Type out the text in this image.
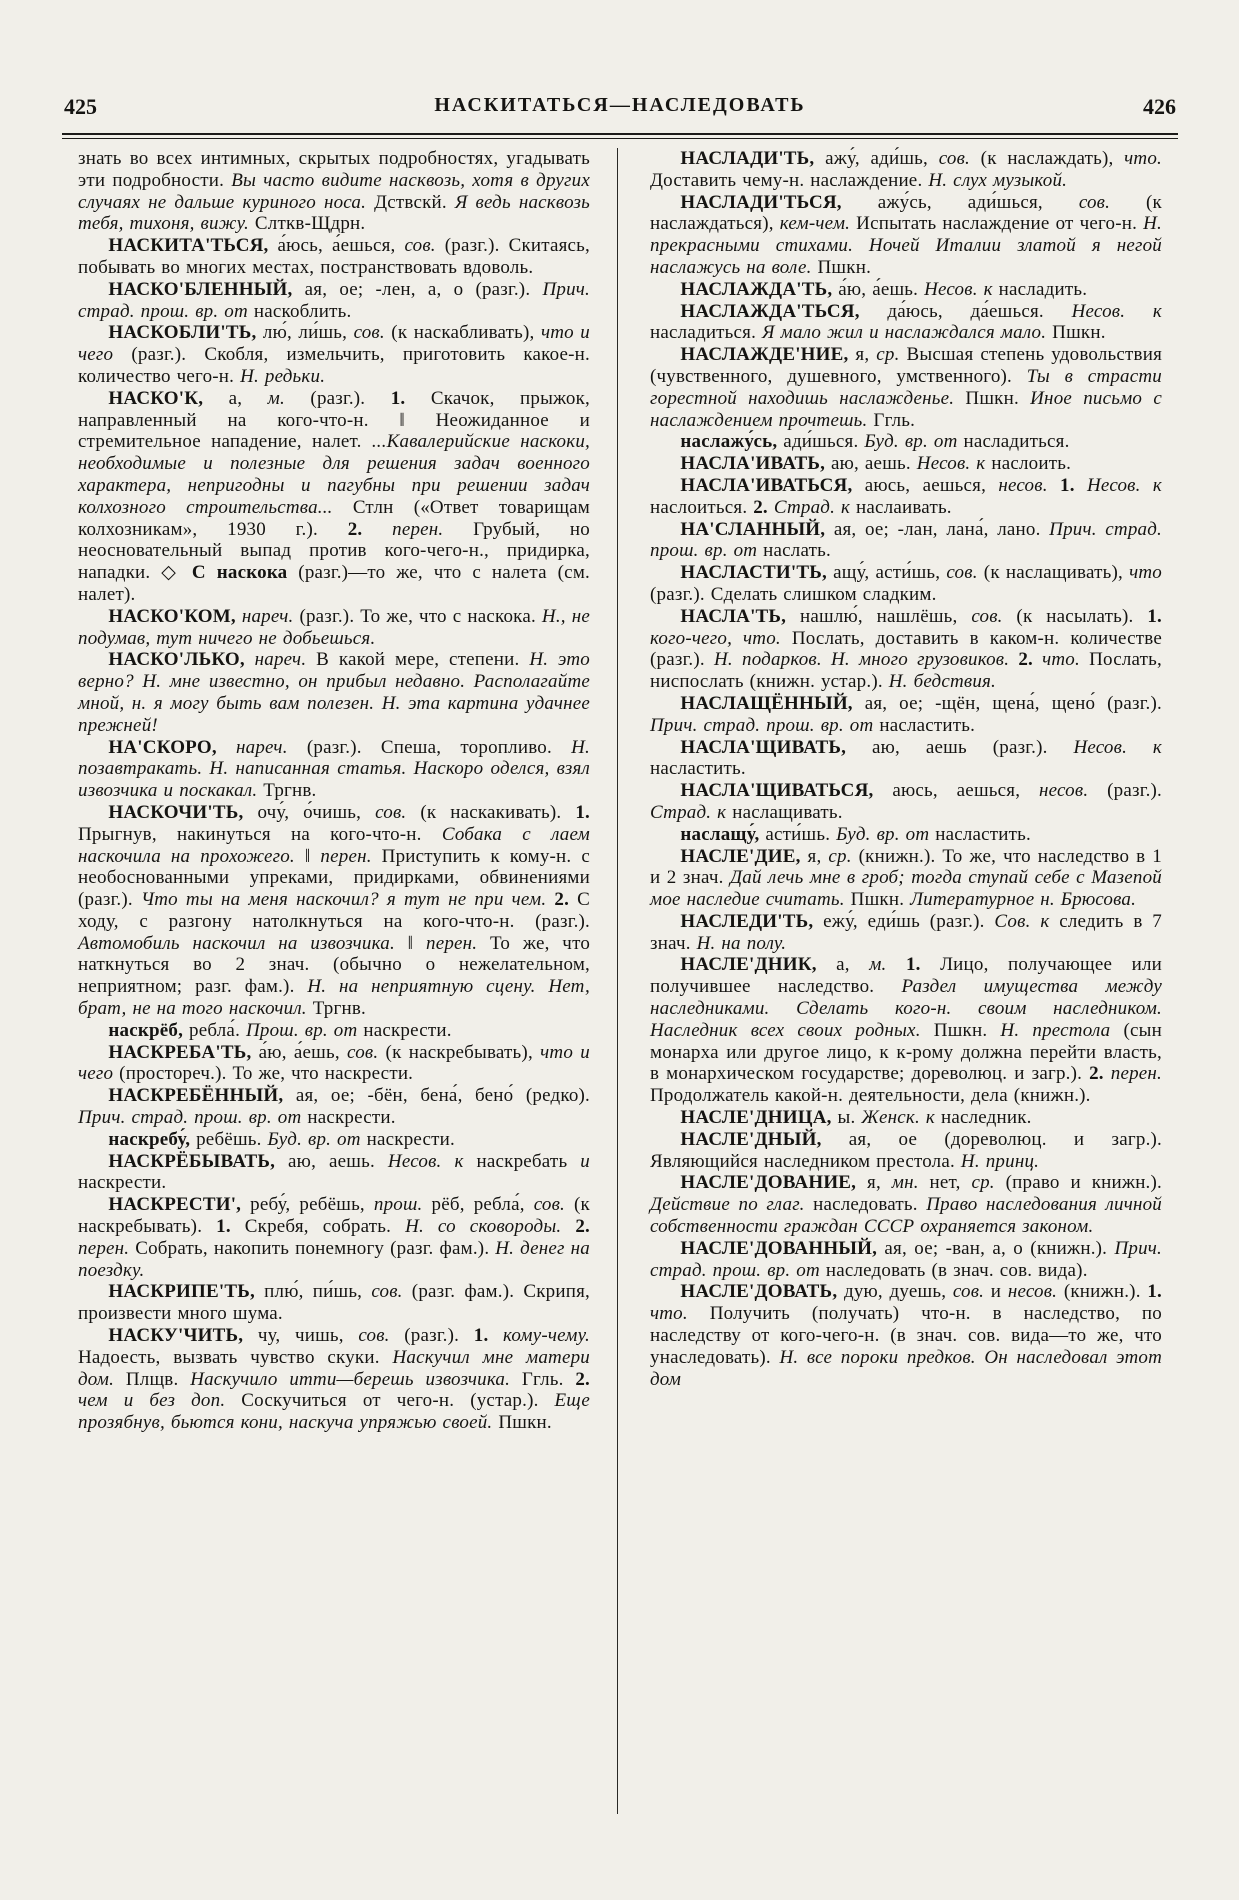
425	НАСКИТАТЬСЯ—НАСЛЕДОВАТЬ	426

знать во всех интимных, скрытых подробностях, угадывать эти подробности. Вы часто видите насквозь, хотя в других случаях не дальше куриного носа. Дствскй. Я ведь насквозь тебя, тихоня, вижу. Слткв-Щдрн.

НАСКИТА'ТЬСЯ, а́юсь, а́ешься, сов. (разг.). Скитаясь, побывать во многих местах, постранствовать вдоволь.

НАСКО'БЛЕННЫЙ, ая, ое; -лен, а, о (разг.). Прич. страд. прош. вр. от наскоблить.

НАСКОБЛИ'ТЬ, лю́, ли́шь, сов. (к наскабливать), что и чего (разг.). Скобля, измельчить, приготовить какое-н. количество чего-н. Н. редьки.

НАСКО'К, а, м. (разг.). 1. Скачок, прыжок, направленный на кого-что-н. ‖ Неожиданное и стремительное нападение, налет. ...Кавалерийские наскоки, необходимые и полезные для решения задач военного характера, непригодны и пагубны при решении задач колхозного строительства... Стлн («Ответ товарищам колхозникам», 1930 г.). 2. перен. Грубый, но неосновательный выпад против кого-чего-н., придирка, нападки. ◇ С наскока (разг.)—то же, что с налета (см. налет).

НАСКО'КОМ, нареч. (разг.). То же, что с наскока. Н., не подумав, тут ничего не добьешься.

НАСКО'ЛЬКО, нареч. В какой мере, степени. Н. это верно? Н. мне известно, он прибыл недавно. Располагайте мной, н. я могу быть вам полезен. Н. эта картина удачнее прежней!

НА'СКОРО, нареч. (разг.). Спеша, торопливо. Н. позавтракать. Н. написанная статья. Наскоро оделся, взял извозчика и поскакал. Тргнв.

НАСКОЧИ'ТЬ, очу́, о́чишь, сов. (к наскакивать). 1. Прыгнув, накинуться на кого-что-н. Собака с лаем наскочила на прохожего. ‖ перен. Приступить к кому-н. с необоснованными упреками, придирками, обвинениями (разг.). Что ты на меня наскочил? я тут не при чем. 2. С ходу, с разгону натолкнуться на кого-что-н. (разг.). Автомобиль наскочил на извозчика. ‖ перен. То же, что наткнуться во 2 знач. (обычно о нежелательном, неприятном; разг. фам.). Н. на неприятную сцену. Нет, брат, не на того наскочил. Тргнв.

наскрёб, ребла́. Прош. вр. от наскрести.

НАСКРЕБА'ТЬ, а́ю, а́ешь, сов. (к наскребывать), что и чего (простореч.). То же, что наскрести.

НАСКРЕБЁННЫЙ, ая, ое; -бён, бена́, бено́ (редко). Прич. страд. прош. вр. от наскрести.

наскребу́, ребёшь. Буд. вр. от наскрести.

НАСКРЁБЫВАТЬ, аю, аешь. Несов. к наскребать и наскрести.

НАСКРЕСТИ', ребу́, ребёшь, прош. рёб, ребла́, сов. (к наскребывать). 1. Скребя, собрать. Н. со сковороды. 2. перен. Собрать, накопить понемногу (разг. фам.). Н. денег на поездку.

НАСКРИПЕ'ТЬ, плю́, пи́шь, сов. (разг. фам.). Скрипя, произвести много шума.

НАСКУ'ЧИТЬ, чу, чишь, сов. (разг.). 1. кому-чему. Надоесть, вызвать чувство скуки. Наскучил мне матери дом. Плщв. Наскучило итти—берешь извозчика. Ггль. 2. чем и без доп. Соскучиться от чего-н. (устар.). Еще прозябнув, бьются кони, наскуча упряжью своей. Пшкн.

НАСЛАДИ'ТЬ, ажу́, ади́шь, сов. (к наслаждать), что. Доставить чему-н. наслаждение. Н. слух музыкой.

НАСЛАДИ'ТЬСЯ, ажу́сь, ади́шься, сов. (к наслаждаться), кем-чем. Испытать наслаждение от чего-н. Н. прекрасными стихами. Ночей Италии златой я негой наслажусь на воле. Пшкн.

НАСЛАЖДА'ТЬ, а́ю, а́ешь. Несов. к насладить.

НАСЛАЖДА'ТЬСЯ, да́юсь, да́ешься. Несов. к насладиться. Я мало жил и наслаждался мало. Пшкн.

НАСЛАЖДЕ'НИЕ, я, ср. Высшая степень удовольствия (чувственного, душевного, умственного). Ты в страсти горестной находишь наслажденье. Пшкн. Иное письмо с наслаждением прочтешь. Ггль.

наслажу́сь, ади́шься. Буд. вр. от насладиться.

НАСЛА'ИВАТЬ, аю, аешь. Несов. к наслоить.

НАСЛА'ИВАТЬСЯ, аюсь, аешься, несов. 1. Несов. к наслоиться. 2. Страд. к наслаивать.

НА'СЛАННЫЙ, ая, ое; -лан, лана́, лано. Прич. страд. прош. вр. от наслать.

НАСЛАСТИ'ТЬ, ащу́, асти́шь, сов. (к наслащивать), что (разг.). Сделать слишком сладким.

НАСЛА'ТЬ, нашлю́, нашлёшь, сов. (к насылать). 1. кого-чего, что. Послать, доставить в каком-н. количестве (разг.). Н. подарков. Н. много грузовиков. 2. что. Послать, ниспослать (книжн. устар.). Н. бедствия.

НАСЛАЩЁННЫЙ, ая, ое; -щён, щена́, щено́ (разг.). Прич. страд. прош. вр. от насластить.

НАСЛА'ЩИВАТЬ, аю, аешь (разг.). Несов. к насластить.

НАСЛА'ЩИВАТЬСЯ, аюсь, аешься, несов. (разг.). Страд. к наслащивать.

наслащу́, асти́шь. Буд. вр. от насластить.

НАСЛЕ'ДИЕ, я, ср. (книжн.). То же, что наследство в 1 и 2 знач. Дай лечь мне в гроб; тогда ступай себе с Мазепой мое наследие считать. Пшкн. Литературное н. Брюсова.

НАСЛЕДИ'ТЬ, ежу́, еди́шь (разг.). Сов. к следить в 7 знач. Н. на полу.

НАСЛЕ'ДНИК, а, м. 1. Лицо, получающее или получившее наследство. Раздел имущества между наследниками. Сделать кого-н. своим наследником. Наследник всех своих родных. Пшкн. Н. престола (сын монарха или другое лицо, к к-рому должна перейти власть, в монархическом государстве; дореволюц. и загр.). 2. перен. Продолжатель какой-н. деятельности, дела (книжн.).

НАСЛЕ'ДНИЦА, ы. Женск. к наследник.

НАСЛЕ'ДНЫЙ, ая, ое (дореволюц. и загр.). Являющийся наследником престола. Н. принц.

НАСЛЕ'ДОВАНИЕ, я, мн. нет, ср. (право и книжн.). Действие по глаг. наследовать. Право наследования личной собственности граждан СССР охраняется законом.

НАСЛЕ'ДОВАННЫЙ, ая, ое; -ван, а, о (книжн.). Прич. страд. прош. вр. от наследовать (в знач. сов. вида).

НАСЛЕ'ДОВАТЬ, дую, дуешь, сов. и несов. (книжн.). 1. что. Получить (получать) что-н. в наследство, по наследству от кого-чего-н. (в знач. сов. вида—то же, что унаследовать). Н. все пороки предков. Он наследовал этот дом
